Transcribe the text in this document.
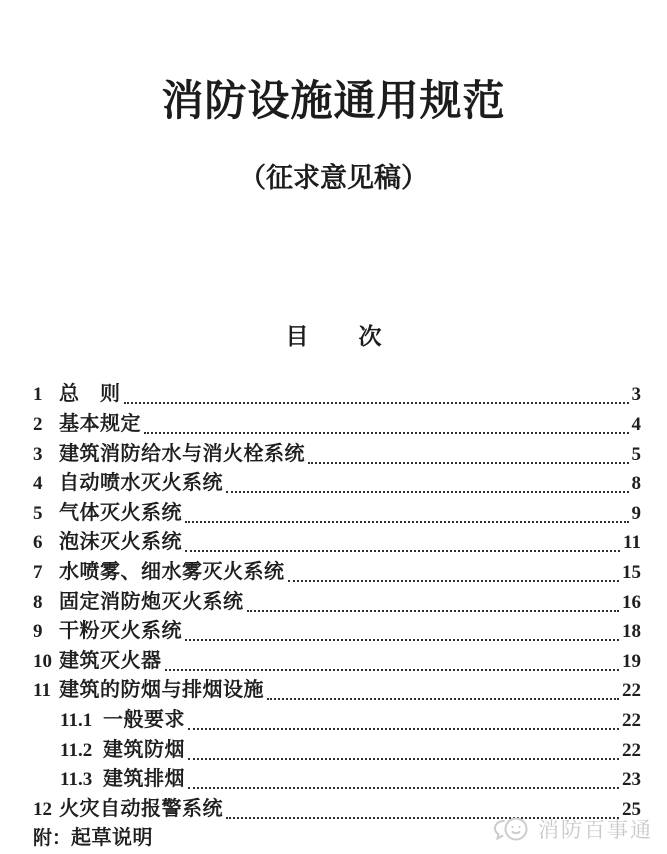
消防设施通用规范
（征求意见稿）
目 次
1 总　则	3
2 基本规定	4
3 建筑消防给水与消火栓系统	5
4 自动喷水灭火系统	8
5 气体灭火系统	9
6 泡沫灭火系统	11
7 水喷雾、细水雾灭火系统	15
8 固定消防炮灭火系统	16
9 干粉灭火系统	18
10 建筑灭火器	19
11 建筑的防烟与排烟设施	22
11.1 一般要求	22
11.2 建筑防烟	22
11.3 建筑排烟	23
12 火灾自动报警系统	25
附： 起草说明	消防百事通
